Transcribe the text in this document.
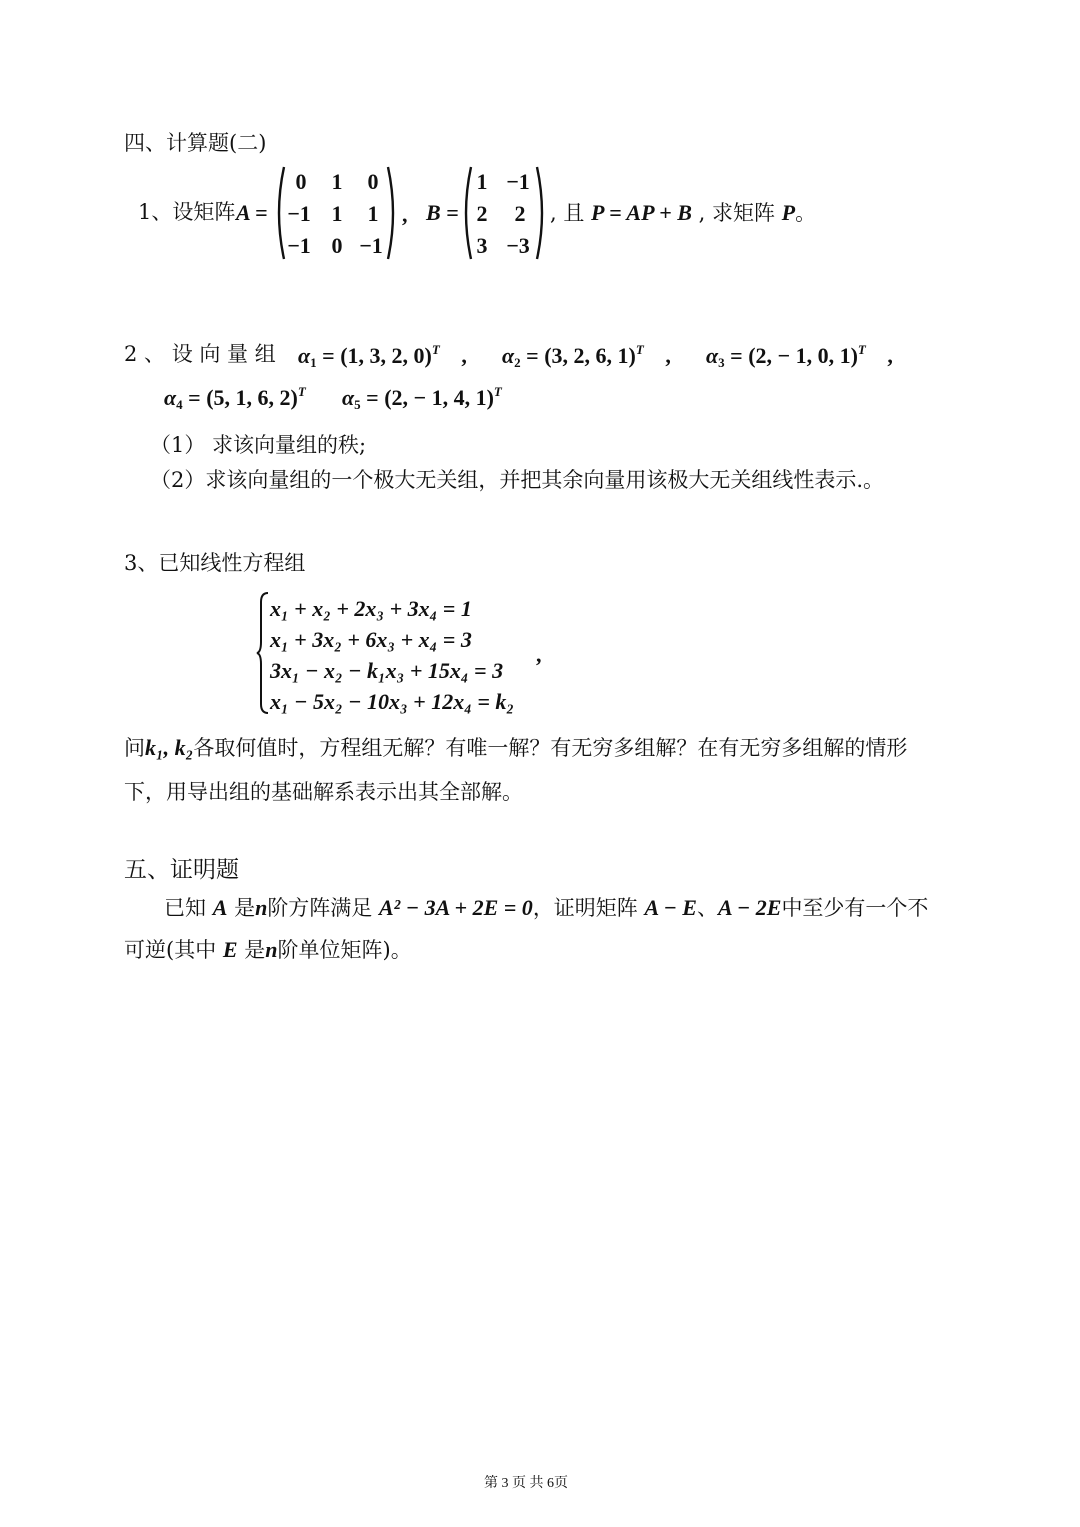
四、计算题(二)
1、设矩阵 A =
0	1	0
−1 1	1
−1 0 −1
, B =
1 −1
2	2
3 −3
, 且 P = AP + B , 求矩阵 P。
2 、 设 向 量 组 $\alpha_1 = (1$, 3, 2, 0)$^T$ , $\alpha_2 = (3$, 2, 6, 1)$^T$ , $\alpha_3 = (2$, − 1, 0, 1)$^T$ ,
$\alpha_4 = (5$, 1, 6, 2)$^T$ $\alpha_5 = (2$, − 1, 4, 1)$^T$
（1） 求该向量组的秩;
（2）求该向量组的一个极大无关组，并把其余向量用该极大无关组线性表示.。
3、已知线性方程组
x₁ + x₂ + 2x₃ + 3x₄ = 1
x₁ + 3x₂ + 6x₃ + x₄ = 3
3x₁ − x₂ − k₁x₃ + 15x₄ = 3
x₁ − 5x₂ − 10x₃ + 12x₄ = k₂
,
问k₁, k₂各取何值时，方程组无解？有唯一解？有无穷多组解？在有无穷多组解的情形
下，用导出组的基础解系表示出其全部解。
五、证明题
已知 A 是n阶方阵满足 A² − 3A + 2E = 0，证明矩阵 A − E、A − 2E中至少有一个不
可逆(其中 E 是n阶单位矩阵)。
第 3 页 共 6页
